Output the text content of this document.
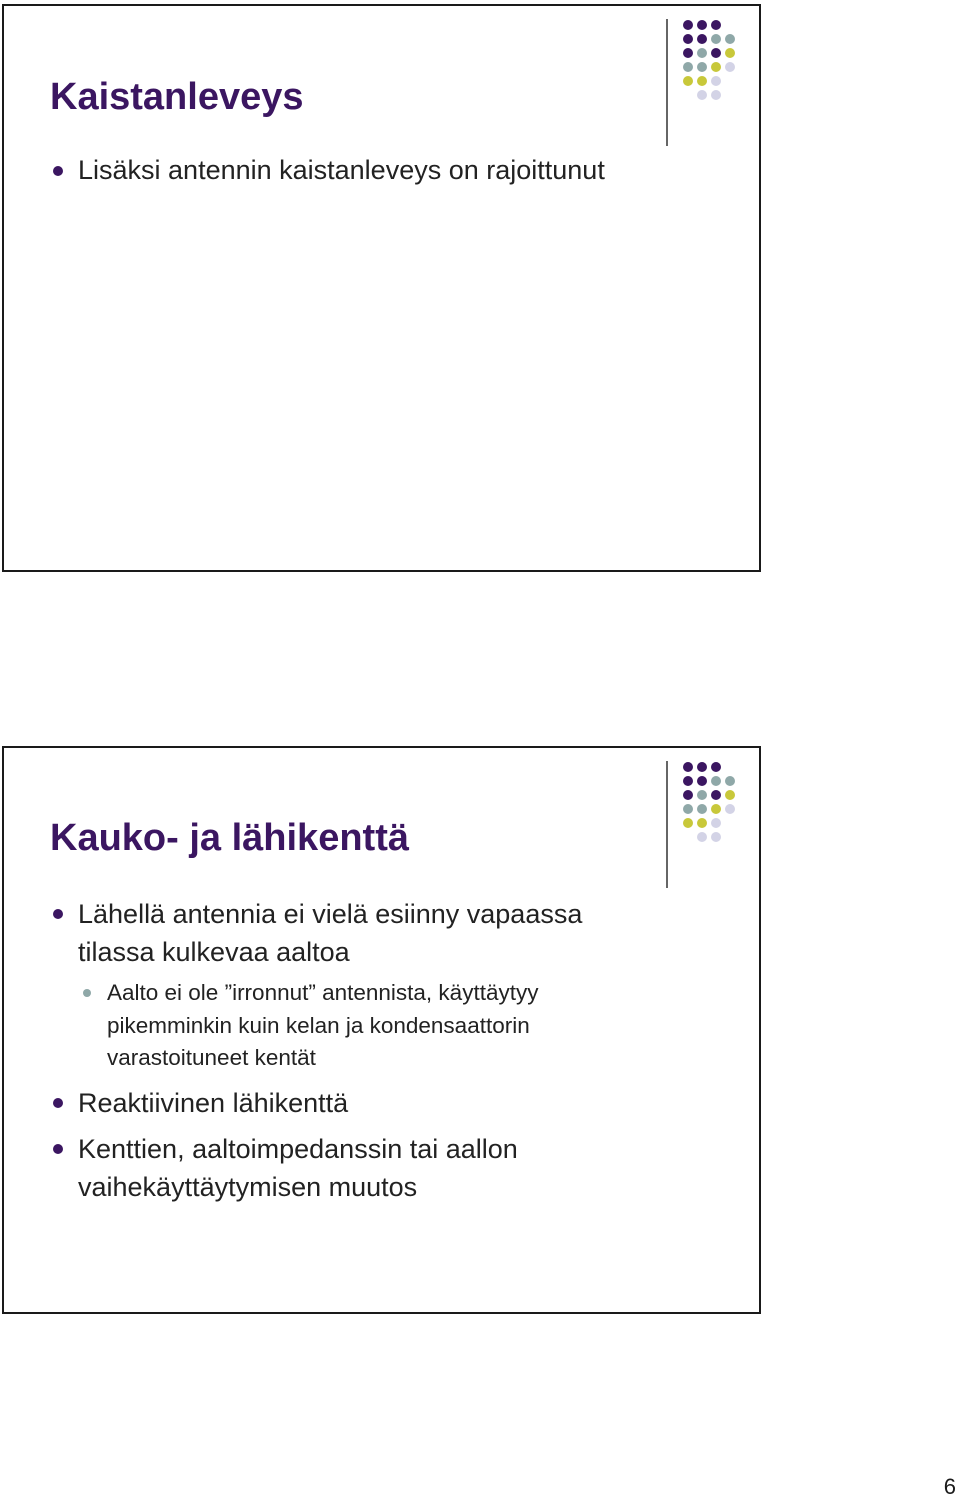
Kaistanleveys
Lisäksi antennin kaistanleveys on rajoittunut
Kauko- ja lähikenttä
Lähellä antennia ei vielä esiinny vapaassa
tilassa kulkevaa aaltoa
Aalto ei ole ”irronnut” antennista, käyttäytyy
pikemminkin kuin kelan ja kondensaattorin
varastoituneet kentät
Reaktiivinen lähikenttä
Kenttien, aaltoimpedanssin tai aallon
vaihekäyttäytymisen muutos
6
